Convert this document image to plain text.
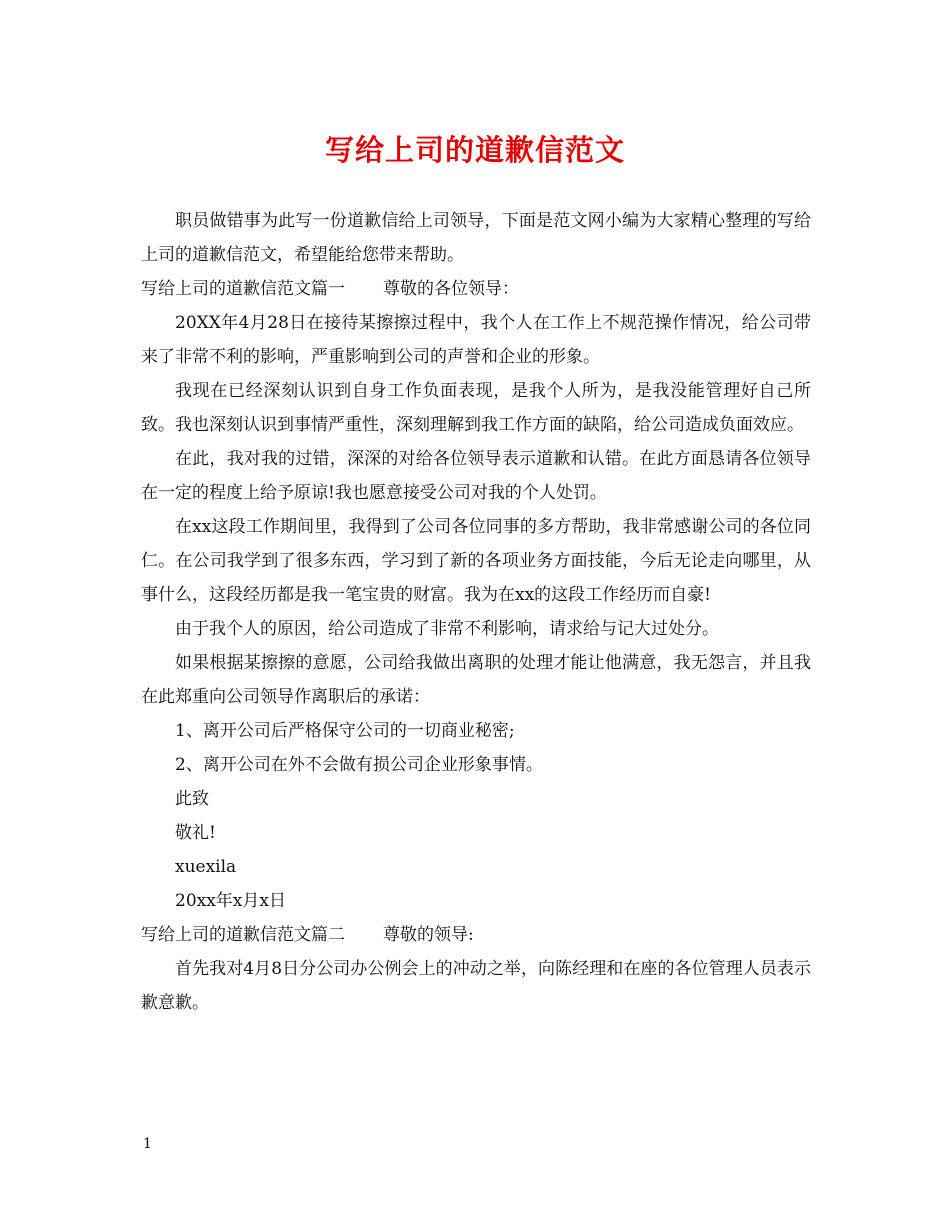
写给上司的道歉信范文

职员做错事为此写一份道歉信给上司领导，下面是范文网小编为大家精心整理的写给上司的道歉信范文，希望能给您带来帮助。

写给上司的道歉信范文篇一 尊敬的各位领导：

20XX年4月28日在接待某擦擦过程中，我个人在工作上不规范操作情况，给公司带来了非常不利的影响，严重影响到公司的声誉和企业的形象。

我现在已经深刻认识到自身工作负面表现，是我个人所为，是我没能管理好自己所致。我也深刻认识到事情严重性，深刻理解到我工作方面的缺陷，给公司造成负面效应。

在此，我对我的过错，深深的对给各位领导表示道歉和认错。在此方面恳请各位领导在一定的程度上给予原谅!我也愿意接受公司对我的个人处罚。

在xx这段工作期间里，我得到了公司各位同事的多方帮助，我非常感谢公司的各位同仁。在公司我学到了很多东西，学习到了新的各项业务方面技能，今后无论走向哪里，从事什么，这段经历都是我一笔宝贵的财富。我为在xx的这段工作经历而自豪!

由于我个人的原因，给公司造成了非常不利影响，请求给与记大过处分。

如果根据某擦擦的意愿，公司给我做出离职的处理才能让他满意，我无怨言，并且我在此郑重向公司领导作离职后的承诺：

1、离开公司后严格保守公司的一切商业秘密;

2、离开公司在外不会做有损公司企业形象事情。

此致

敬礼!

xuexila

20xx年x月x日

写给上司的道歉信范文篇二 尊敬的领导:

首先我对4月8日分公司办公例会上的冲动之举，向陈经理和在座的各位管理人员表示歉意歉。

1
